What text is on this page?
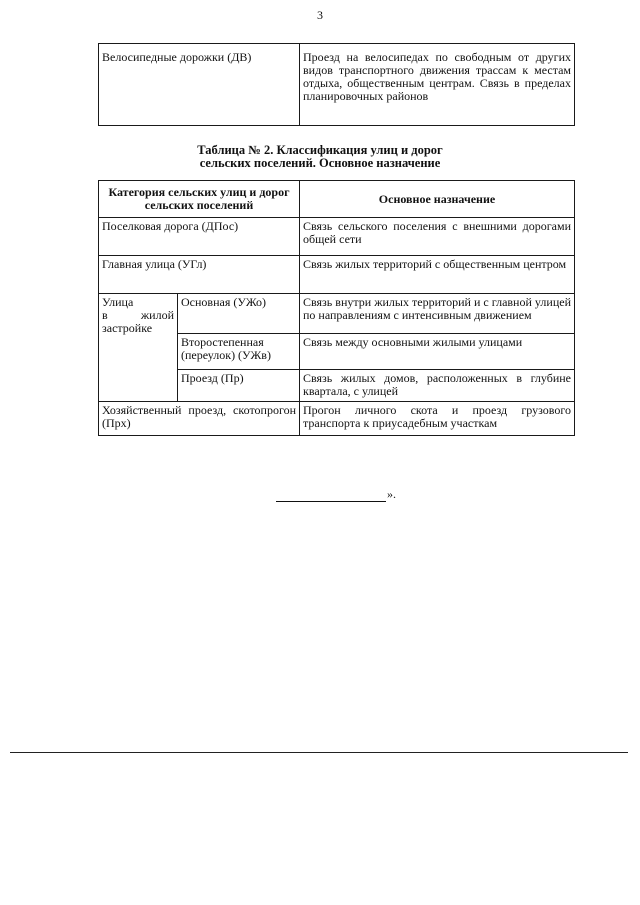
3
Велосипедные дорожки (ДВ)	Проезд на велосипедах по свободным от других видов транспортного движения трассам к местам отдыха, общественным центрам. Связь в пределах планировочных районов
Таблица № 2. Классификация улиц и дорог
сельских поселений. Основное назначение
Категория сельских улиц и дорог сельских поселений		Основное назначение
Поселковая дорога (ДПос)		Связь сельского поселения с внешними дорогами общей сети
Главная улица (УГл)		Связь жилых территорий с общественным центром

Улица
в жилой
застройке	Основная (УЖо)	Связь внутри жилых территорий и с главной улицей по направлениям с интенсивным движением
	Второстепенная (переулок) (УЖв)	Связь между основными жилыми улицами
	Проезд (Пр)	Связь жилых домов, расположенных в глубине квартала, с улицей
Хозяйственный проезд, скотопрогон (Прх)		Прогон личного скота и проезд грузового транспорта к приусадебным участкам
».
